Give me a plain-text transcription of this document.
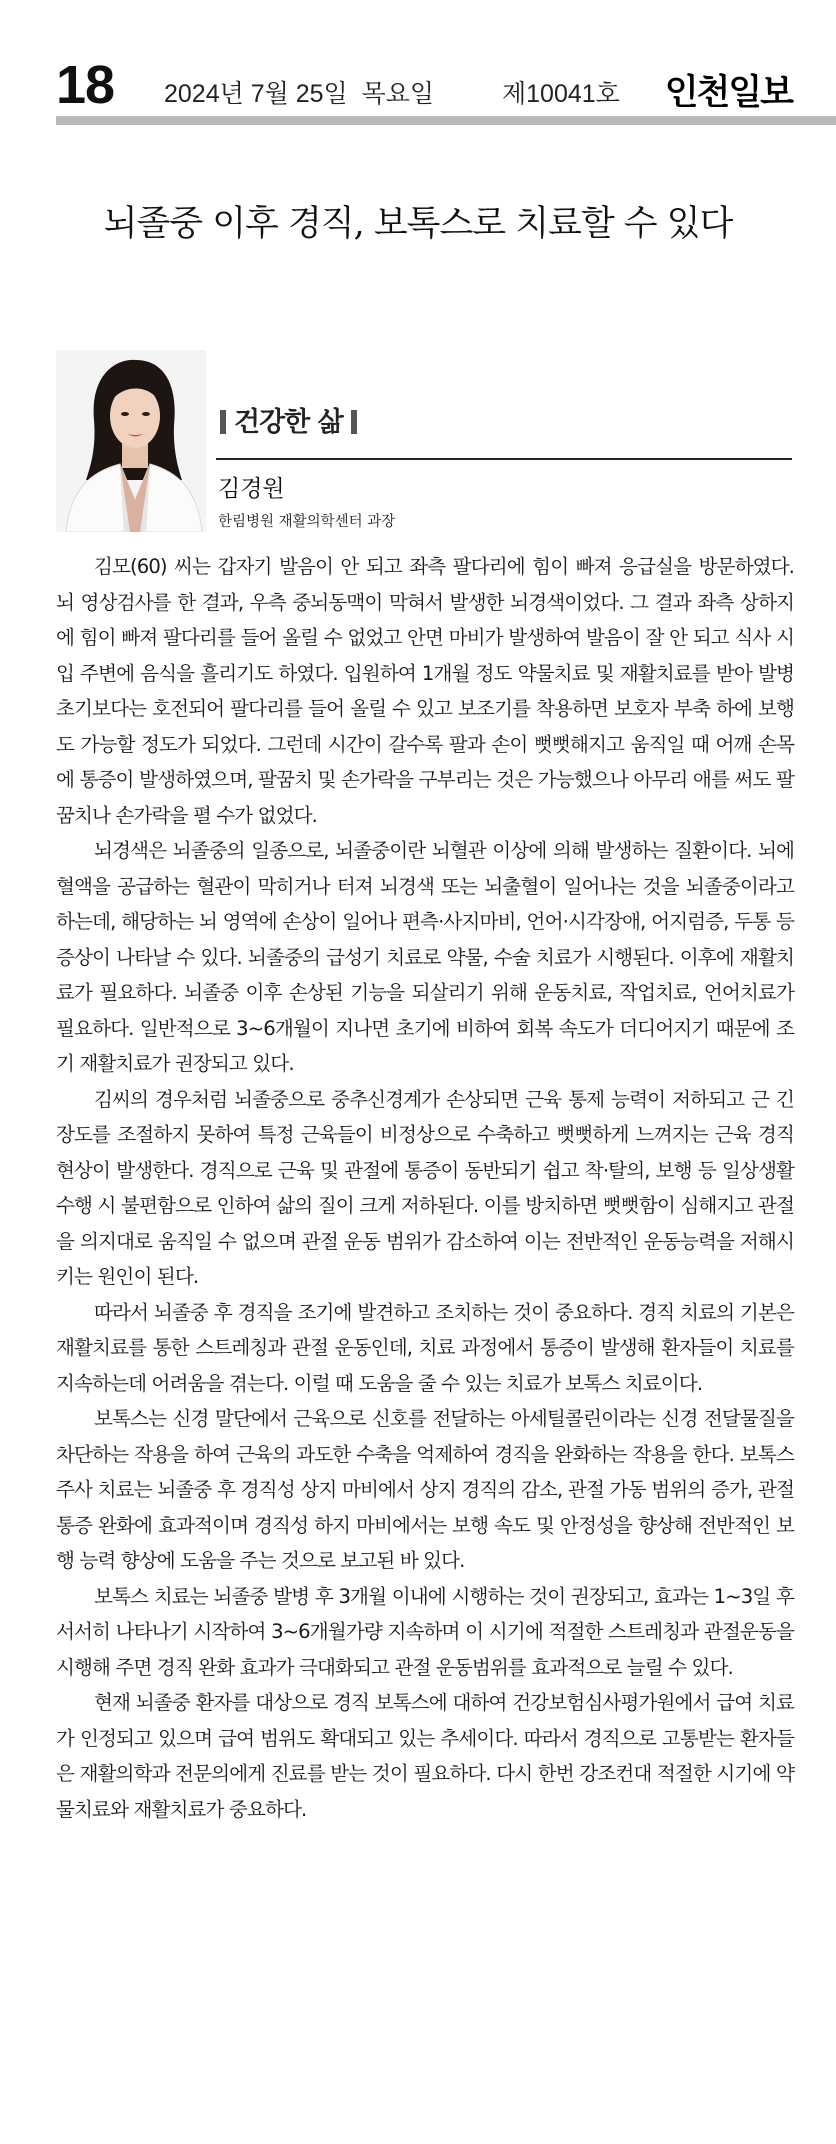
18 2024년 7월 25일  목요일	제10041호 인천일보
뇌졸중 이후 경직, 보톡스로 치료할 수 있다
건강한 삶
김경원
한림병원 재활의학센터 과장

김모(60) 씨는 갑자기 발음이 안 되고 좌측 팔다리에 힘이 빠져 응급실을 방문하였다. 뇌 영상검사를 한 결과, 우측 중뇌동맥이 막혀서 발생한 뇌경색이었다. 그 결과 좌측 상하지에 힘이 빠져 팔다리를 들어 올릴 수 없었고 안면 마비가 발생하여 발음이 잘 안 되고 식사 시 입 주변에 음식을 흘리기도 하였다. 입원하여 1개월 정도 약물치료 및 재활치료를 받아 발병초기보다는 호전되어 팔다리를 들어 올릴 수 있고 보조기를 착용하면 보호자 부축 하에 보행도 가능할 정도가 되었다. 그런데 시간이 갈수록 팔과 손이 뻣뻣해지고 움직일 때 어깨 손목에 통증이 발생하였으며, 팔꿈치 및 손가락을 구부리는 것은 가능했으나 아무리 애를 써도 팔꿈치나 손가락을 펼 수가 없었다.

뇌경색은 뇌졸중의 일종으로, 뇌졸중이란 뇌혈관 이상에 의해 발생하는 질환이다. 뇌에 혈액을 공급하는 혈관이 막히거나 터져 뇌경색 또는 뇌출혈이 일어나는 것을 뇌졸중이라고 하는데, 해당하는 뇌 영역에 손상이 일어나 편측·사지마비, 언어·시각장애, 어지럼증, 두통 등 증상이 나타날 수 있다. 뇌졸중의 급성기 치료로 약물, 수술 치료가 시행된다. 이후에 재활치료가 필요하다. 뇌졸중 이후 손상된 기능을 되살리기 위해 운동치료, 작업치료, 언어치료가 필요하다. 일반적으로 3~6개월이 지나면 초기에 비하여 회복 속도가 더디어지기 때문에 조기 재활치료가 권장되고 있다.

김씨의 경우처럼 뇌졸중으로 중추신경계가 손상되면 근육 통제 능력이 저하되고 근 긴장도를 조절하지 못하여 특정 근육들이 비정상으로 수축하고 뻣뻣하게 느껴지는 근육 경직 현상이 발생한다. 경직으로 근육 및 관절에 통증이 동반되기 쉽고 착·탈의, 보행 등 일상생활 수행 시 불편함으로 인하여 삶의 질이 크게 저하된다. 이를 방치하면 뻣뻣함이 심해지고 관절을 의지대로 움직일 수 없으며 관절 운동 범위가 감소하여 이는 전반적인 운동능력을 저해시키는 원인이 된다.

따라서 뇌졸중 후 경직을 조기에 발견하고 조치하는 것이 중요하다. 경직 치료의 기본은 재활치료를 통한 스트레칭과 관절 운동인데, 치료 과정에서 통증이 발생해 환자들이 치료를 지속하는데 어려움을 겪는다. 이럴 때 도움을 줄 수 있는 치료가 보톡스 치료이다.

보톡스는 신경 말단에서 근육으로 신호를 전달하는 아세틸콜린이라는 신경 전달물질을 차단하는 작용을 하여 근육의 과도한 수축을 억제하여 경직을 완화하는 작용을 한다. 보톡스 주사 치료는 뇌졸중 후 경직성 상지 마비에서 상지 경직의 감소, 관절 가동 범위의 증가, 관절 통증 완화에 효과적이며 경직성 하지 마비에서는 보행 속도 및 안정성을 향상해 전반적인 보행 능력 향상에 도움을 주는 것으로 보고된 바 있다.

보톡스 치료는 뇌졸중 발병 후 3개월 이내에 시행하는 것이 권장되고, 효과는 1~3일 후 서서히 나타나기 시작하여 3~6개월가량 지속하며 이 시기에 적절한 스트레칭과 관절운동을 시행해 주면 경직 완화 효과가 극대화되고 관절 운동범위를 효과적으로 늘릴 수 있다.

현재 뇌졸중 환자를 대상으로 경직 보톡스에 대하여 건강보험심사평가원에서 급여 치료가 인정되고 있으며 급여 범위도 확대되고 있는 추세이다. 따라서 경직으로 고통받는 환자들은 재활의학과 전문의에게 진료를 받는 것이 필요하다. 다시 한번 강조컨대 적절한 시기에 약물치료와 재활치료가 중요하다.
